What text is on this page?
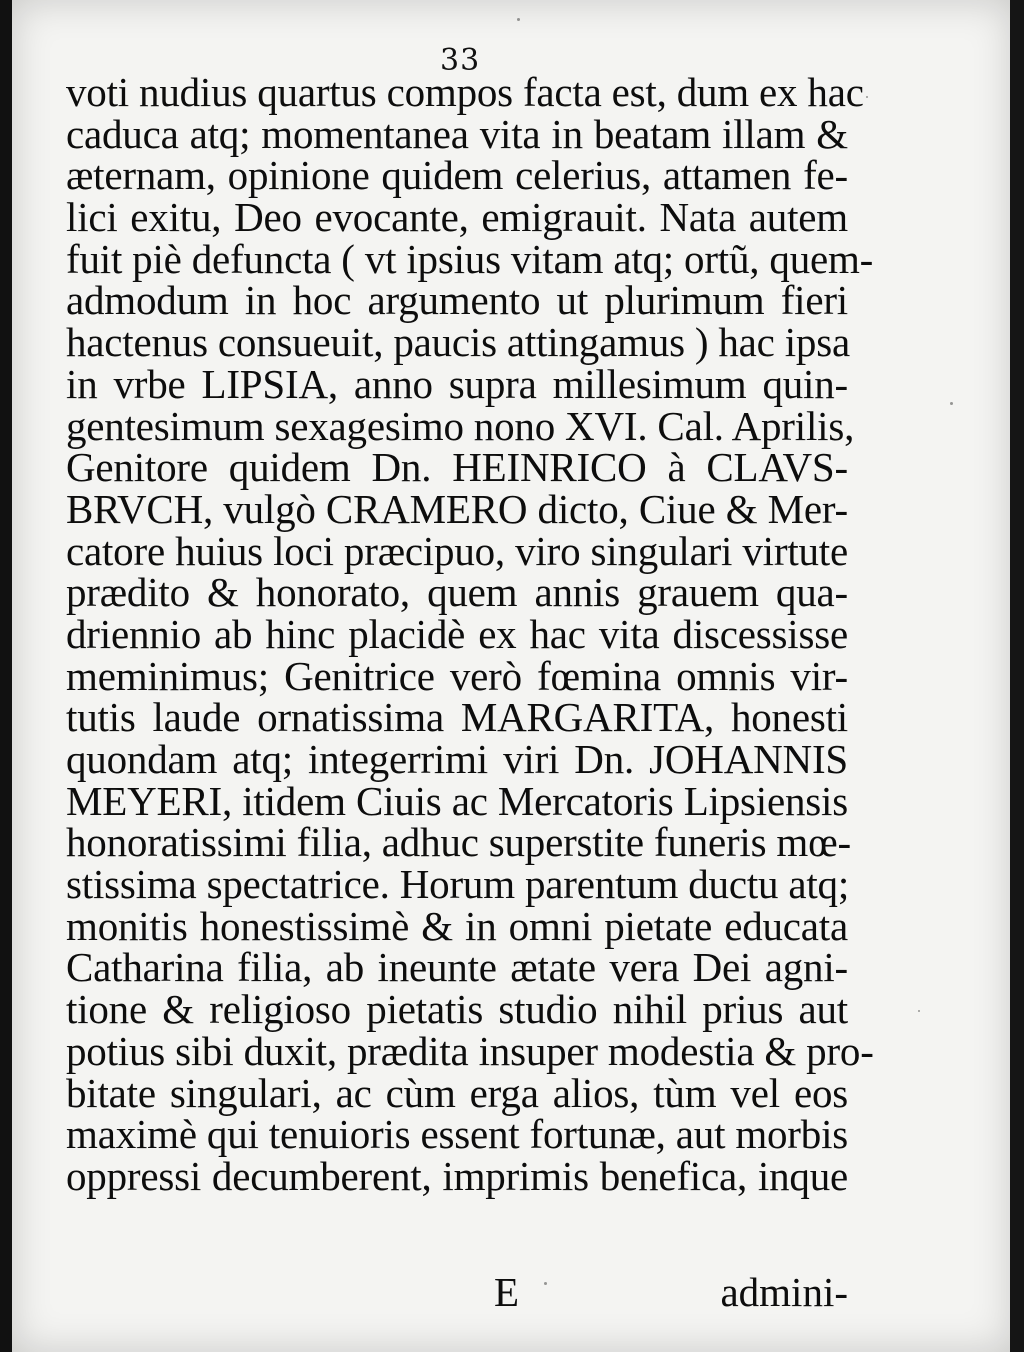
33
voti nudius quartus compos facta est, dum ex hac
caduca atq; momentanea vita in beatam illam &
æternam, opinione quidem celerius, attamen fe-
lici exitu, Deo evocante, emigrauit. Nata autem
fuit piè defuncta ( vt ipsius vitam atq; ortũ, quem-
admodum in hoc argumento ut plurimum fieri
hactenus consueuit, paucis attingamus ) hac ipsa
in vrbe LIPSIA, anno supra millesimum quin-
gentesimum sexagesimo nono XVI. Cal. Aprilis,
Genitore quidem Dn. HEINRICO à CLAVS-
BRVCH, vulgò CRAMERO dicto, Ciue & Mer-
catore huius loci præcipuo, viro singulari virtute
prædito & honorato, quem annis grauem qua-
driennio ab hinc placidè ex hac vita discessisse
meminimus; Genitrice verò fœmina omnis vir-
tutis laude ornatissima MARGARITA, honesti
quondam atq; integerrimi viri Dn. JOHANNIS
MEYERI, itidem Ciuis ac Mercatoris Lipsiensis
honoratissimi filia, adhuc superstite funeris mœ-
stissima spectatrice. Horum parentum ductu atq;
monitis honestissimè & in omni pietate educata
Catharina filia, ab ineunte ætate vera Dei agni-
tione & religioso pietatis studio nihil prius aut
potius sibi duxit, prædita insuper modestia & pro-
bitate singulari, ac cùm erga alios, tùm vel eos
maximè qui tenuioris essent fortunæ, aut morbis
oppressi decumberent, imprimis benefica, inque
E	admini-
